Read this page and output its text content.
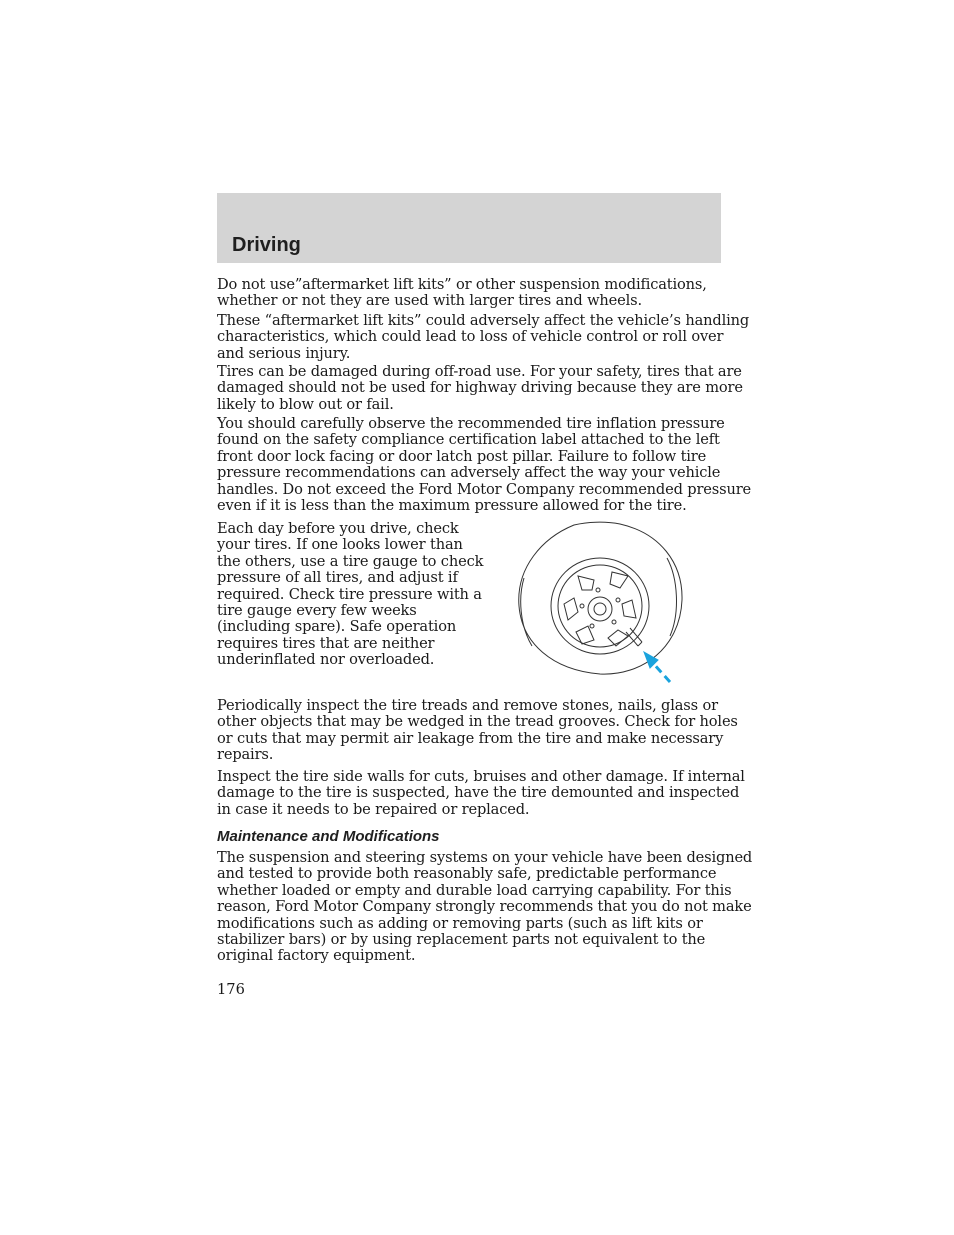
Driving

Do not use”aftermarket lift kits” or other suspension modifications,
whether or not they are used with larger tires and wheels.

These “aftermarket lift kits” could adversely affect the vehicle’s handling
characteristics, which could lead to loss of vehicle control or roll over
and serious injury.

Tires can be damaged during off-road use. For your safety, tires that are
damaged should not be used for highway driving because they are more
likely to blow out or fail.

You should carefully observe the recommended tire inflation pressure
found on the safety compliance certification label attached to the left
front door lock facing or door latch post pillar. Failure to follow tire
pressure recommendations can adversely affect the way your vehicle
handles. Do not exceed the Ford Motor Company recommended pressure
even if it is less than the maximum pressure allowed for the tire.

Each day before you drive, check
your tires. If one looks lower than
the others, use a tire gauge to check
pressure of all tires, and adjust if
required. Check tire pressure with a
tire gauge every few weeks
(including spare). Safe operation
requires tires that are neither
underinflated nor overloaded.

Periodically inspect the tire treads and remove stones, nails, glass or
other objects that may be wedged in the tread grooves. Check for holes
or cuts that may permit air leakage from the tire and make necessary
repairs.

Inspect the tire side walls for cuts, bruises and other damage. If internal
damage to the tire is suspected, have the tire demounted and inspected
in case it needs to be repaired or replaced.

Maintenance and Modifications

The suspension and steering systems on your vehicle have been designed
and tested to provide both reasonably safe, predictable performance
whether loaded or empty and durable load carrying capability. For this
reason, Ford Motor Company strongly recommends that you do not make
modifications such as adding or removing parts (such as lift kits or
stabilizer bars) or by using replacement parts not equivalent to the
original factory equipment.

176
